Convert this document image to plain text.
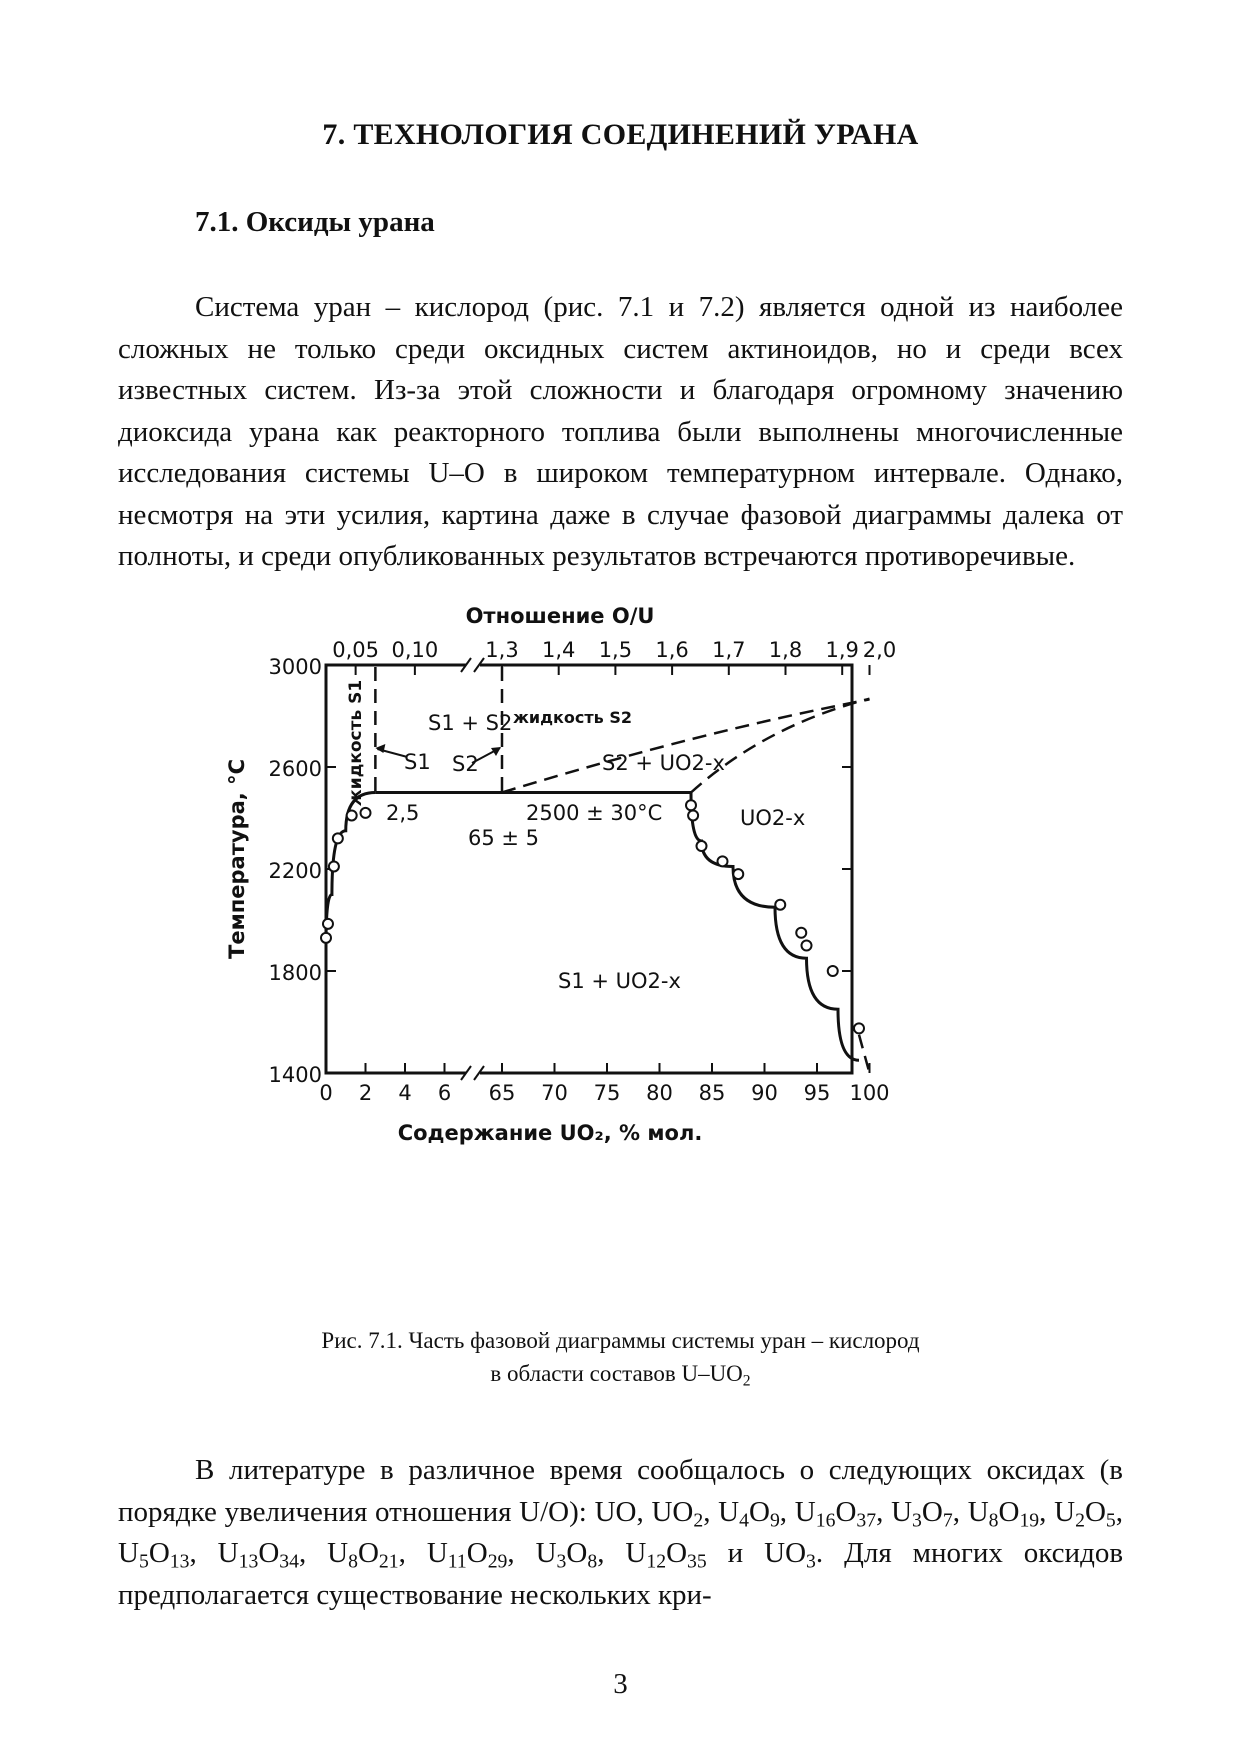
7. ТЕХНОЛОГИЯ СОЕДИНЕНИЙ УРАНА
7.1. Оксиды урана

Система уран – кислород (рис. 7.1 и 7.2) является одной из наиболее сложных не только среди оксидных систем актиноидов, но и среди всех известных систем. Из-за этой сложности и благодаря огромному значению диоксида урана как реакторного топлива были выполнены многочисленные исследования системы U–O в широком температурном интервале. Однако, несмотря на эти усилия, картина даже в случае фазовой диаграммы далека от полноты, и среди опубликованных результатов встречаются противоречивые.

1400
1800
2200
2600
3000
Температура, °C
0 2 4 6 65 70 75 80 85 90 95 100
Содержание UO₂, % мол.
0,05 0,10 1,3 1,4 1,5 1,6 1,7 1,8 1,9 2,0
Отношение O/U
жидкость S1	S1 + S2 жидкость S2
S2 + UO2-x
UO2-x
S1 + UO2-x
S1 S2
2,5
65 ± 5
2500 ± 30°C
Рис. 7.1. Часть фазовой диаграммы системы уран – кислород
в области составов $U-UO_2$

В литературе в различное время сообщалось о следующих оксидах (в порядке увеличения отношения U/O): UO, $UO_2$, $U_4O_9$, $U_{16}O_{37}$, $U_3O_7$, $U_8O_{19}$, $U_2O_5$, $U_5O_{13}$, $U_{13}O_{34}$, $U_8O_{21}$, $U_{11}O_{29}$, $U_3O_8$, $U_{12}O_{35}$ и $UO_3$. Для многих оксидов предполагается существование нескольких кри-

3
